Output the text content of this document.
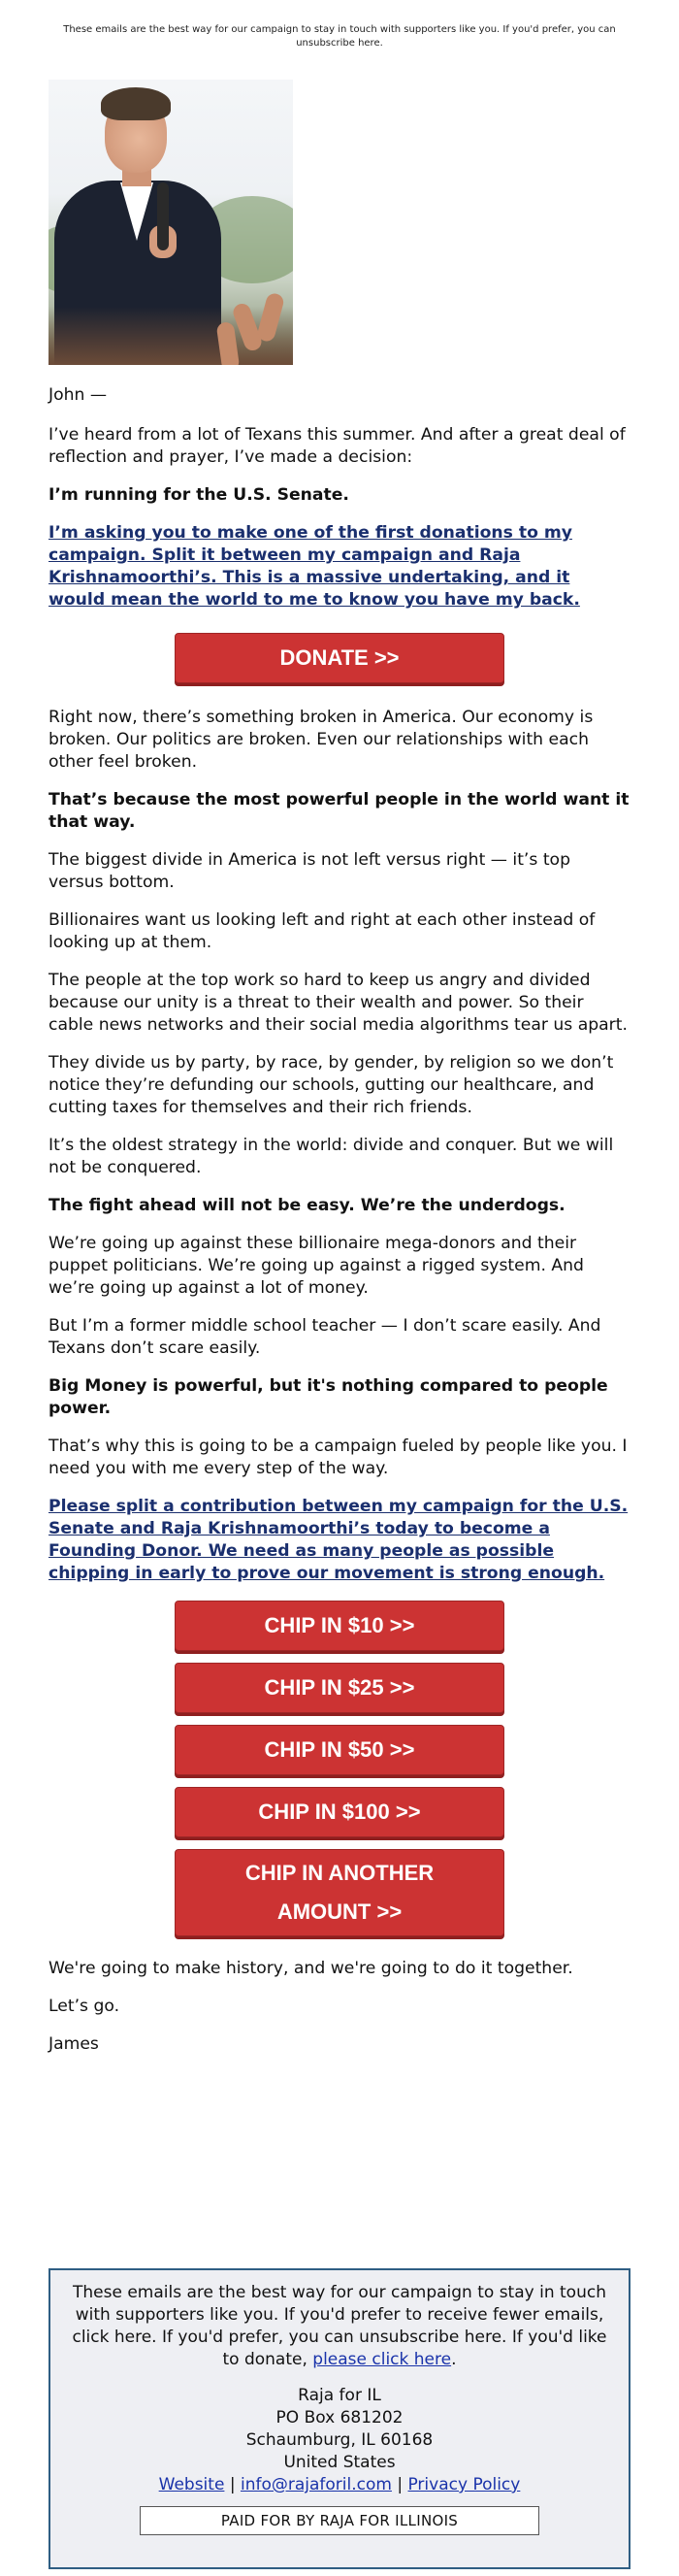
These emails are the best way for our campaign to stay in touch with supporters like you. If you'd prefer, you can unsubscribe here.

John —

I’ve heard from a lot of Texans this summer. And after a great deal of reflection and prayer, I’ve made a decision:

I’m running for the U.S. Senate.

I’m asking you to make one of the first donations to my campaign. Split it between my campaign and Raja Krishnamoorthi’s. This is a massive undertaking, and it would mean the world to me to know you have my back.

DONATE >>

Right now, there’s something broken in America. Our economy is broken. Our politics are broken. Even our relationships with each other feel broken.

That’s because the most powerful people in the world want it that way.

The biggest divide in America is not left versus right — it’s top versus bottom.

Billionaires want us looking left and right at each other instead of looking up at them.

The people at the top work so hard to keep us angry and divided because our unity is a threat to their wealth and power. So their cable news networks and their social media algorithms tear us apart.

They divide us by party, by race, by gender, by religion so we don’t notice they’re defunding our schools, gutting our healthcare, and cutting taxes for themselves and their rich friends.

It’s the oldest strategy in the world: divide and conquer. But we will not be conquered.

The fight ahead will not be easy. We’re the underdogs.

We’re going up against these billionaire mega-donors and their puppet politicians. We’re going up against a rigged system. And we’re going up against a lot of money.

But I’m a former middle school teacher — I don’t scare easily. And Texans don’t scare easily.

Big Money is powerful, but it's nothing compared to people power.

That’s why this is going to be a campaign fueled by people like you. I need you with me every step of the way.

Please split a contribution between my campaign for the U.S. Senate and Raja Krishnamoorthi’s today to become a Founding Donor. We need as many people as possible chipping in early to prove our movement is strong enough.

CHIP IN $10 >>
CHIP IN $25 >>
CHIP IN $50 >>
CHIP IN $100 >>
CHIP IN ANOTHER
AMOUNT >>

We're going to make history, and we're going to do it together.

Let’s go.

James

These emails are the best way for our campaign to stay in touch with supporters like you. If you'd prefer to receive fewer emails, click here. If you'd prefer, you can unsubscribe here. If you'd like to donate, please click here.

Raja for IL
PO Box 681202
Schaumburg, IL 60168
United States
Website | info@rajaforil.com | Privacy Policy
PAID FOR BY RAJA FOR ILLINOIS
